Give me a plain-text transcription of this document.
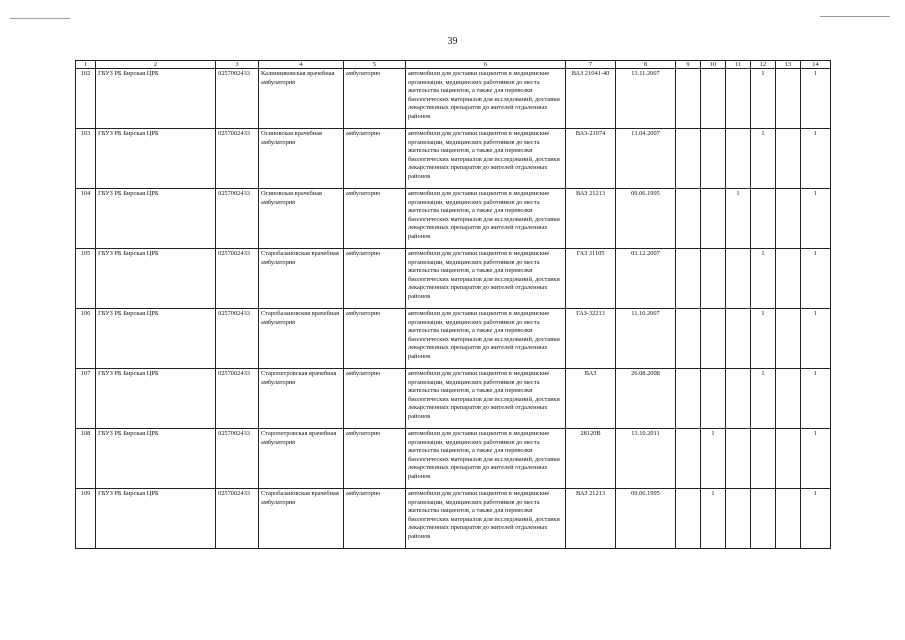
39
1	2	3	4	5	6	7	8	9	10	11	12	13	14
102	ГБУЗ РБ Бирская ЦРБ	0257002433	Калинниковская врачебная амбулатория	амбулаторно	автомобили для доставки пациентов в медицинские организации, медицинских работников до места жительства пациентов, а также для перевозки биологических материалов для исследований, доставки лекарственных препаратов до жителей отдаленных районов	ВАЗ 21041-40	13.11.2007				1		1
103	ГБУЗ РБ Бирская ЦРБ	0257002433	Осиновская врачебная амбулатория	амбулаторно	автомобили для доставки пациентов в медицинские организации, медицинских работников до места жительства пациентов, а также для перевозки биологических материалов для исследований, доставки лекарственных препаратов до жителей отдаленных районов	ВАЗ-21074	13.04.2007				1		1
104	ГБУЗ РБ Бирская ЦРБ	0257002433	Осиновская врачебная амбулатория	амбулаторно	автомобили для доставки пациентов в медицинские организации, медицинских работников до места жительства пациентов, а также для перевозки биологических материалов для исследований, доставки лекарственных препаратов до жителей отдаленных районов	ВАЗ 21213	09.06.1995			1			1
105	ГБУЗ РБ Бирская ЦРБ	0257002433	Старобазановская врачебная амбулатория	амбулаторно	автомобили для доставки пациентов в медицинские организации, медицинских работников до места жительства пациентов, а также для перевозки биологических материалов для исследований, доставки лекарственных препаратов до жителей отдаленных районов	ГАЗ 31105	03.12.2007				1		1
106	ГБУЗ РБ Бирская ЦРБ	0257002433	Старобазановсквя врачебная амбулатория	амбулаторно	автомобили для доставки пациентов в медицинские организации, медицинских работников до места жительства пациентов, а также для перевозки биологических материалов для исследований, доставки лекарственных препаратов до жителей отдаленных районов	ГАЗ-32213	11.10.2007				1		1
107	ГБУЗ РБ Бирская ЦРБ	0257002433	Старопетровская врачебная амбулатория	амбулаторно	автомобили для доставки пациентов в медицинские организации, медицинских работников до места жительства пациентов, а также для перевозки биологических материалов для исследований, доставки лекарственных препаратов до жителей отдаленных районов	ВАЗ	26.08.2008				1		1
108	ГБУЗ РБ Бирская ЦРБ	0257002433	Старопетровская врачебная амбулатория	амбулаторно	автомобили для доставки пациентов в медицинские организации, медицинских работников до места жительства пациентов, а также для перевозки биологических материалов для исследований, доставки лекарственных препаратов до жителей отдаленных районов	28120В	13.10.2011		1				1
109	ГБУЗ РБ Бирская ЦРБ	0257002433	Старобазановская врачебная амбулатория	амбулаторно	автомобили для доставки пациентов в медицинские организации, медицинских работников до места жительства пациентов, а также для перевозки биологических материалов для исследований, доставки лекарственных препаратов до жителей отдаленных районов	ВАЗ 21213	09.06.1995		1				1
